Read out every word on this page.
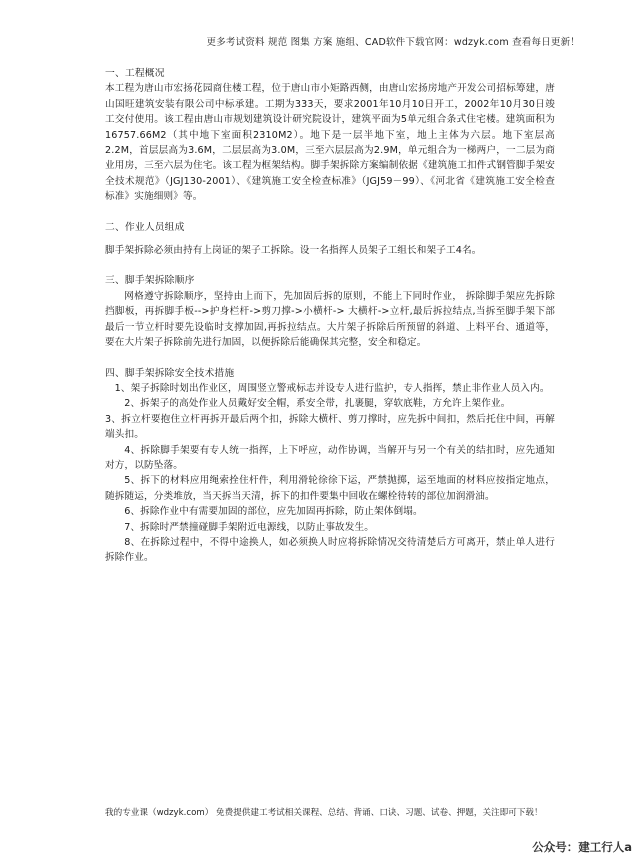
更多考试资料 规范 图集 方案 施组、CAD软件下载官网：wdzyk.com 查看每日更新！
一、工程概况

本工程为唐山市宏扬花园商住楼工程，位于唐山市小矩路西侧，由唐山宏扬房地产开发公司招标筹建，唐山国旺建筑安装有限公司中标承建。工期为333天，要求2001年10月10日开工，2002年10月30日竣工交付使用。该工程由唐山市规划建筑设计研究院设计，建筑平面为5单元组合条式住宅楼。建筑面积为16757.66M2（其中地下室面积2310M2）。地下是一层半地下室，地上主体为六层。地下室层高2.2M，首层层高为3.6M，二层层高为3.0M，三至六层层高为2.9M，单元组合为一梯两户，一二层为商业用房，三至六层为住宅。该工程为框架结构。脚手架拆除方案编制依据《建筑施工扣件式钢管脚手架安全技术规范》（JGJ130-2001）、《建筑施工安全检查标准》（JGJ59－99）、《河北省《建筑施工安全检查标准》实施细则》等。

二、作业人员组成

脚手架拆除必须由持有上岗证的架子工拆除。设一名指挥人员架子工组长和架子工4名。

三、脚手架拆除顺序

网格遵守拆除顺序，坚持由上而下，先加固后拆的原则，不能上下同时作业， 拆除脚手架应先拆除挡脚板，再拆脚手板-->护身栏杆->剪刀撑->小横杆-> 大横杆->立杆,最后拆拉结点,当拆至脚手架下部最后一节立杆时要先设临时支撑加固,再拆拉结点。大片架子拆除后所预留的斜道、上料平台、通道等， 要在大片架子拆除前先进行加固，以便拆除后能确保其完整，安全和稳定。

四、脚手架拆除安全技术措施

1、架子拆除时划出作业区，周围竖立警戒标志并设专人进行监护，专人指挥，禁止非作业人员入内。

2、拆架子的高处作业人员戴好安全帽，系安全带，扎裹腿，穿软底鞋，方允许上架作业。

3、拆立杆要抱住立杆再拆开最后两个扣，拆除大横杆、剪刀撑时，应先拆中间扣，然后托住中间，再解端头扣。

4、拆除脚手架要有专人统一指挥，上下呼应，动作协调，当解开与另一个有关的结扣时，应先通知对方，以防坠落。

5、拆下的材料应用绳索拴住杆件，利用滑轮徐徐下运，严禁抛掷，运至地面的材料应按指定地点，随拆随运，分类堆放，当天拆当天清，拆下的扣件要集中回收在螺栓待转的部位加润滑油。

6、拆除作业中有需要加固的部位，应先加固再拆除，防止架体倒塌。

7、拆除时严禁撞碰脚手架附近电源线，以防止事故发生。

8、在拆除过程中，不得中途换人，如必须换人时应将拆除情况交待清楚后方可离开，禁止单人进行拆除作业。

我的专业课（wdzyk.com） 免费提供建工考试相关课程、总结、背诵、口诀、习题、试卷、押题，关注即可下载！
公众号：建工行人a
